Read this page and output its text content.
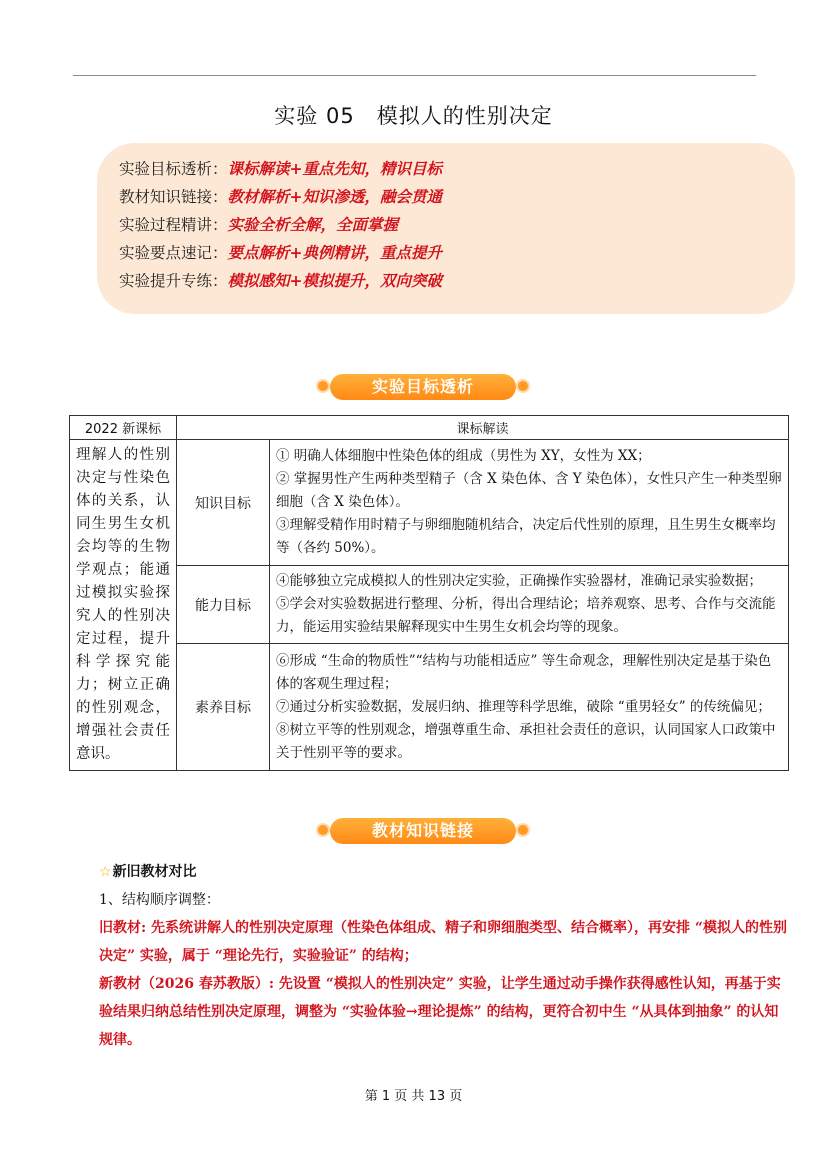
实验 05　模拟人的性别决定
实验目标透析：课标解读+重点先知，精识目标
教材知识链接：教材解析+知识渗透，融会贯通
实验过程精讲：实验全析全解，全面掌握
实验要点速记：要点解析+典例精讲，重点提升
实验提升专练：模拟感知+模拟提升，双向突破
实验目标透析
2022 新课标	课标解读	
理解人的性别决定与性染色体的关系，认同生男生女机会均等的生物学观点；能通过模拟实验探究人的性别决定过程，提升科学探究能力；树立正确的性别观念，增强社会责任意识。	知识目标	① 明确人体细胞中性染色体的组成（男性为 XY，女性为 XX；
② 掌握男性产生两种类型精子（含 X 染色体、含 Y 染色体），女性只产生一种类型卵细胞（含 X 染色体）。
③理解受精作用时精子与卵细胞随机结合，决定后代性别的原理，且生男生女概率均等（各约 50%）。

	能力目标	④能够独立完成模拟人的性别决定实验，正确操作实验器材，准确记录实验数据；
⑤学会对实验数据进行整理、分析，得出合理结论；培养观察、思考、合作与交流能力，能运用实验结果解释现实中生男生女机会均等的现象。

	素养目标	⑥形成 “生命的物质性”“结构与功能相适应” 等生命观念，理解性别决定是基于染色体的客观生理过程；
⑦通过分析实验数据，发展归纳、推理等科学思维，破除 “重男轻女” 的传统偏见；
⑧树立平等的性别观念，增强尊重生命、承担社会责任的意识，认同国家人口政策中关于性别平等的要求。
教材知识链接
☆新旧教材对比
1、结构顺序调整：
旧教材: 先系统讲解人的性别决定原理（性染色体组成、精子和卵细胞类型、结合概率），再安排 “模拟人的性别决定” 实验，属于 “理论先行，实验验证” 的结构；
新教材（2026 春苏教版）: 先设置 “模拟人的性别决定” 实验，让学生通过动手操作获得感性认知，再基于实验结果归纳总结性别决定原理，调整为 “实验体验→理论提炼” 的结构，更符合初中生 “从具体到抽象” 的认知规律。
第 1 页 共 13 页
